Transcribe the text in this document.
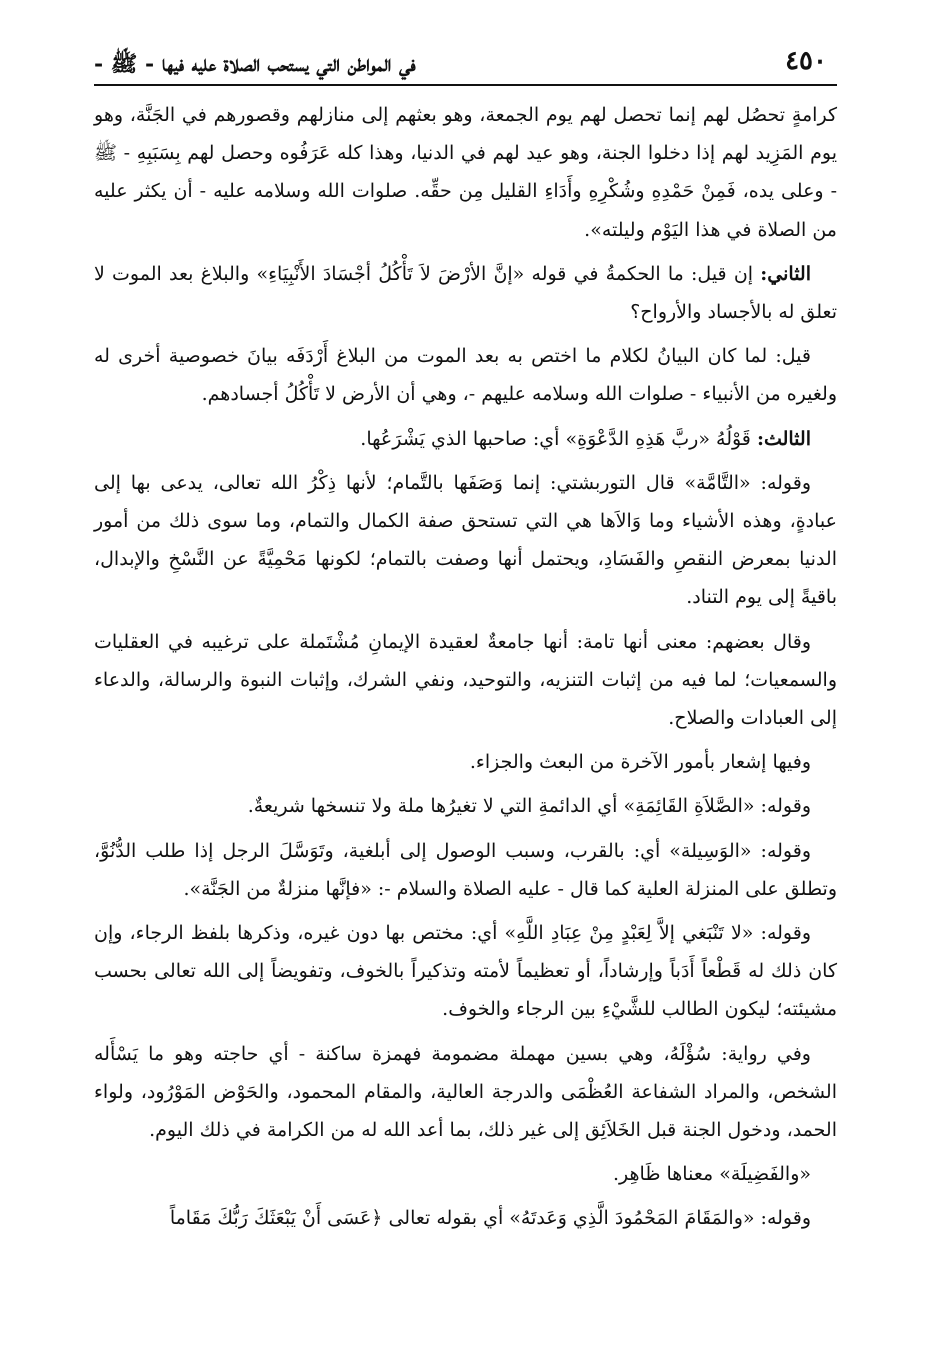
٤٥٠
في المواطن التي يستحب الصلاة عليه فيها - ﷺ -

كرامةٍ تحصُل لهم إنما تحصل لهم يوم الجمعة، وهو بعثهم إلى منازلهم وقصورهم في الجَنَّة، وهو يوم المَزِيد لهم إذا دخلوا الجنة، وهو عيد لهم في الدنيا، وهذا كله عَرَفُوه وحصل لهم بِسَبَبِهِ - ﷺ - وعلى يده، فَمِنْ حَمْدِهِ وشُكْرِهِ وأَدَاءِ القليل مِن حقِّه. صلوات الله وسلامه عليه - أن يكثر عليه من الصلاة في هذا اليَوْم وليلته».

الثاني: إن قيل: ما الحكمةُ في قوله «إنَّ الأرْضَ لاَ تَأْكُلُ أجْسَادَ الأَنْبِيَاءِ» والبلاغ بعد الموت لا تعلق له بالأجساد والأرواح؟

قيل: لما كان البيانُ لكلام ما اختص به بعد الموت من البلاغ أَرْدَفَه بيانَ خصوصية أخرى له ولغيره من الأنبياء - صلوات الله وسلامه عليهم -، وهي أن الأرض لا تَأْكُلُ أجسادهم.

الثالث: قَوْلُهُ «ربَّ هَذِهِ الدَّعْوَةِ» أي: صاحبها الذي يَشْرَعُها.

وقوله: «التَّامَّة» قال التوربشتي: إنما وَصَفَها بالتَّمام؛ لأنها ذِكْرُ الله تعالى، يدعى بها إلى عبادةٍ، وهذه الأشياء وما وَالاَها هي التي تستحق صفة الكمال والتمام، وما سوى ذلك من أمور الدنيا بمعرض النقصِ والفَسَادِ، ويحتمل أنها وصفت بالتمام؛ لكونها مَحْمِيَّةً عن النَّسْخِ والإبدال، باقيةً إلى يوم التناد.

وقال بعضهم: معنى أنها تامة: أنها جامعةٌ لعقيدة الإيمانِ مُشْتَملة على ترغيبه في العقليات والسمعيات؛ لما فيه من إثبات التنزيه، والتوحيد، ونفي الشرك، وإثبات النبوة والرسالة، والدعاء إلى العبادات والصلاح.

وفيها إشعار بأمور الآخرة من البعث والجزاء.

وقوله: «الصَّلاَةِ القَائِمَةِ» أي الدائمةِ التي لا تغيرُها ملة ولا تنسخها شريعةٌ.

وقوله: «الوَسِيلة» أي: بالقرب، وسبب الوصول إلى أبلغية، وتَوَسَّلَ الرجل إذا طلب الدُّنُوَّ، وتطلق على المنزلة العلية كما قال - عليه الصلاة والسلام -: «فإنَّها منزلةٌ من الجَنَّة».

وقوله: «لا تَنْبَغي إلاَّ لِعَبْدٍ مِنْ عِبَادِ اللَّهِ» أي: مختص بها دون غيره، وذكرها بلفظ الرجاء، وإن كان ذلك له قَطْعاً أَدَباً وإرشاداً، أو تعظيماً لأمته وتذكيراً بالخوف، وتفويضاً إلى الله تعالى بحسب مشيئته؛ ليكون الطالب للشَّيْءِ بين الرجاء والخوف.

وفي رواية: سُؤْلَهُ، وهي بسين مهملة مضمومة فهمزة ساكنة - أي حاجته وهو ما يَسْأَله الشخص، والمراد الشفاعة العُظْمَى والدرجة العالية، والمقام المحمود، والحَوْض المَوْرُود، ولواء الحمد، ودخول الجنة قبل الخَلاَئِق إلى غير ذلك، بما أعد الله له من الكرامة في ذلك اليوم.

«والفَضِيلَة» معناها ظَاهِر.

وقوله: «والمَقَامَ المَحْمُودَ الَّذِي وَعَدتَهُ» أي بقوله تعالى ﴿عَسَى أَنْ يَبْعَثَكَ رَبُّكَ مَقَاماً
